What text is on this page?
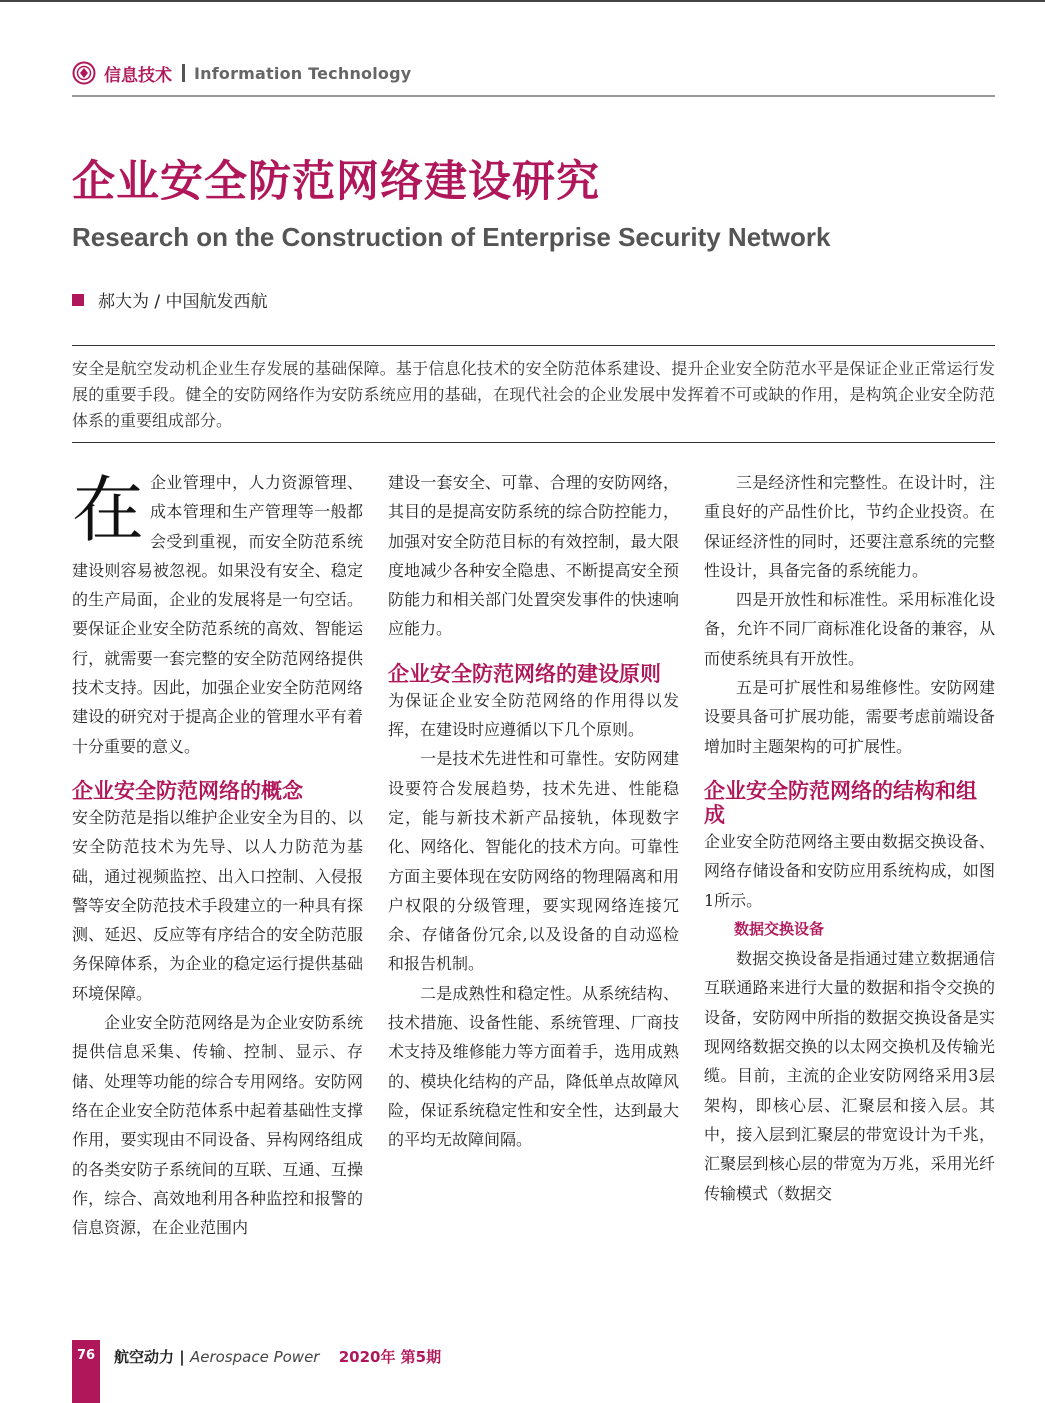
信息技术 Information Technology
企业安全防范网络建设研究
Research on the Construction of Enterprise Security Network
郝大为 / 中国航发西航
安全是航空发动机企业生存发展的基础保障。基于信息化技术的安全防范体系建设、提升企业安全防范水平是保证企业正常运行发展的重要手段。健全的安防网络作为安防系统应用的基础，在现代社会的企业发展中发挥着不可或缺的作用，是构筑企业安全防范体系的重要组成部分。

在企业管理中，人力资源管理、成本管理和生产管理等一般都会受到重视，而安全防范系统建设则容易被忽视。如果没有安全、稳定的生产局面，企业的发展将是一句空话。要保证企业安全防范系统的高效、智能运行，就需要一套完整的安全防范网络提供技术支持。因此，加强企业安全防范网络建设的研究对于提高企业的管理水平有着十分重要的意义。

企业安全防范网络的概念

安全防范是指以维护企业安全为目的、以安全防范技术为先导、以人力防范为基础，通过视频监控、出入口控制、入侵报警等安全防范技术手段建立的一种具有探测、延迟、反应等有序结合的安全防范服务保障体系，为企业的稳定运行提供基础环境保障。

企业安全防范网络是为企业安防系统提供信息采集、传输、控制、显示、存储、处理等功能的综合专用网络。安防网络在企业安全防范体系中起着基础性支撑作用，要实现由不同设备、异构网络组成的各类安防子系统间的互联、互通、互操作，综合、高效地利用各种监控和报警的信息资源，在企业范围内

建设一套安全、可靠、合理的安防网络，其目的是提高安防系统的综合防控能力，加强对安全防范目标的有效控制，最大限度地减少各种安全隐患、不断提高安全预防能力和相关部门处置突发事件的快速响应能力。

企业安全防范网络的建设原则

为保证企业安全防范网络的作用得以发挥，在建设时应遵循以下几个原则。

一是技术先进性和可靠性。安防网建设要符合发展趋势，技术先进、性能稳定，能与新技术新产品接轨，体现数字化、网络化、智能化的技术方向。可靠性方面主要体现在安防网络的物理隔离和用户权限的分级管理，要实现网络连接冗余、存储备份冗余,以及设备的自动巡检和报告机制。

二是成熟性和稳定性。从系统结构、技术措施、设备性能、系统管理、厂商技术支持及维修能力等方面着手，选用成熟的、模块化结构的产品，降低单点故障风险，保证系统稳定性和安全性，达到最大的平均无故障间隔。

三是经济性和完整性。在设计时，注重良好的产品性价比，节约企业投资。在保证经济性的同时，还要注意系统的完整性设计，具备完备的系统能力。

四是开放性和标准性。采用标准化设备，允许不同厂商标准化设备的兼容，从而使系统具有开放性。

五是可扩展性和易维修性。安防网建设要具备可扩展功能，需要考虑前端设备增加时主题架构的可扩展性。

企业安全防范网络的结构和组成

企业安全防范网络主要由数据交换设备、网络存储设备和安防应用系统构成，如图1所示。

数据交换设备

数据交换设备是指通过建立数据通信互联通路来进行大量的数据和指令交换的设备，安防网中所指的数据交换设备是实现网络数据交换的以太网交换机及传输光缆。目前，主流的企业安防网络采用3层架构，即核心层、汇聚层和接入层。其中，接入层到汇聚层的带宽设计为千兆，汇聚层到核心层的带宽为万兆，采用光纤传输模式（数据交

76	航空动力 | Aerospace Power 2020年 第5期
